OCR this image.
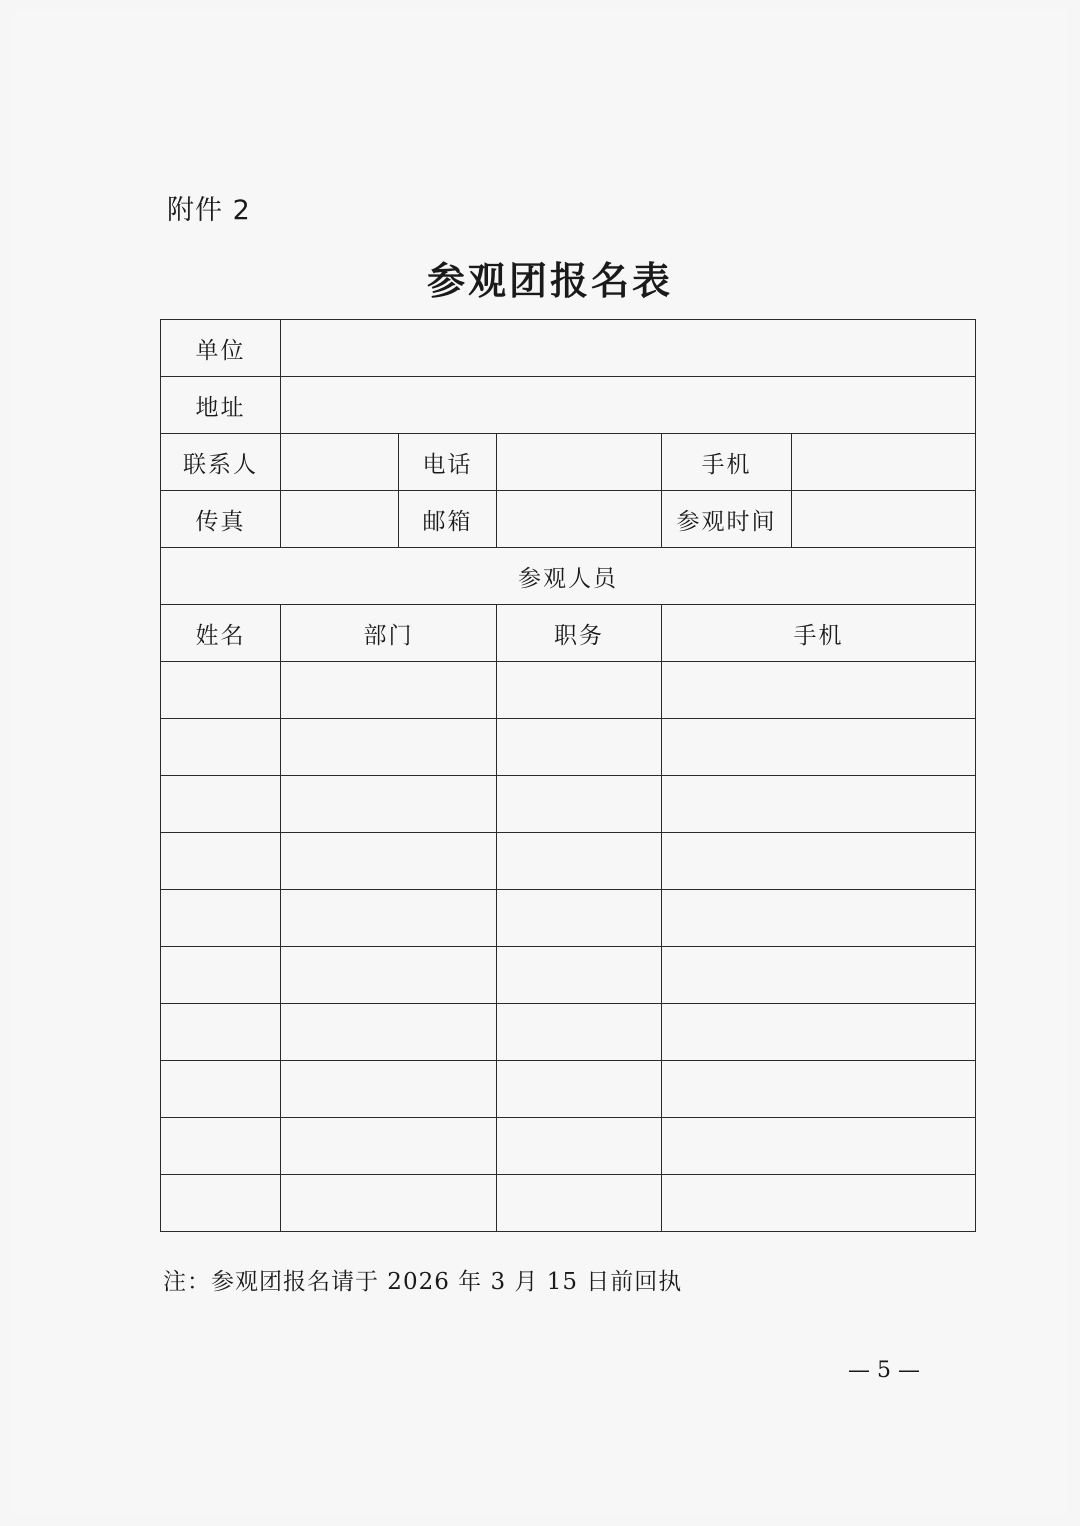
附件 2
参观团报名表
单位					
地址					
联系人		电话		手机	
传真		邮箱		参观时间	
参观人员					
姓名	部门		职务	手机	

注：参观团报名请于 2026 年 3 月 15 日前回执
— 5 —
